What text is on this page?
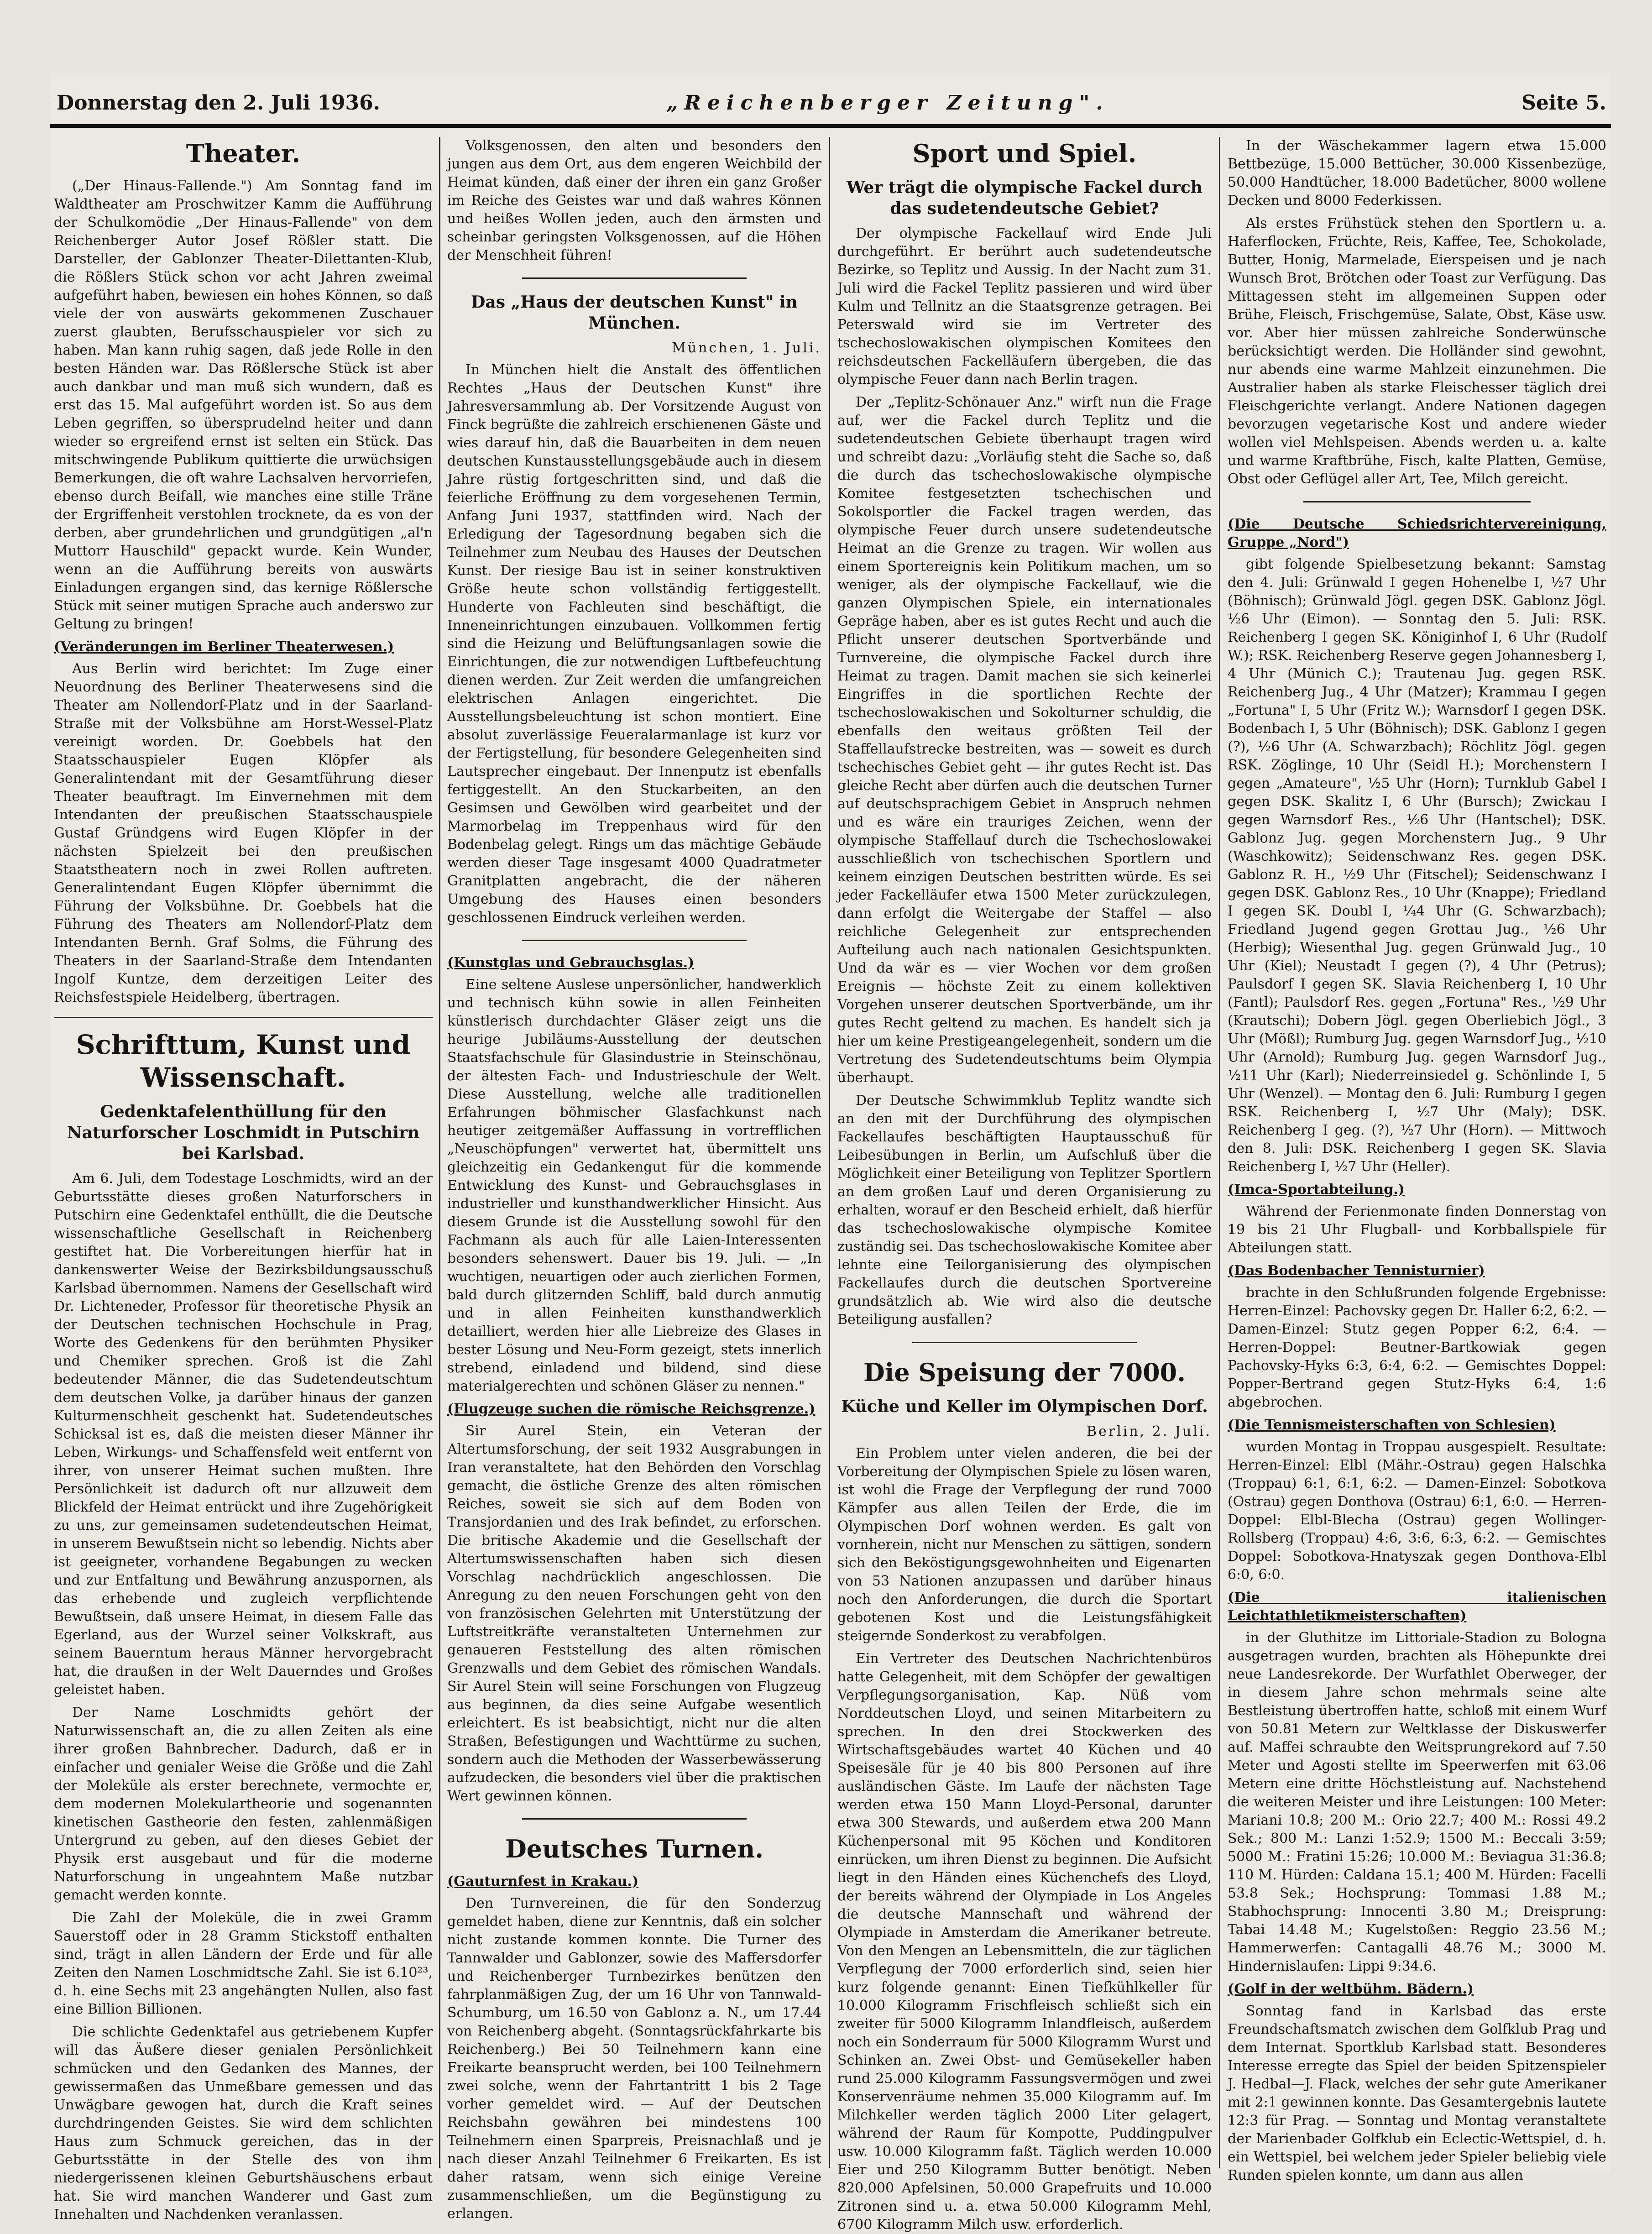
Donnerstag den 2. Juli 1936.	„Reichenberger Zeitung".	Seite 5.
Theater.

(„Der Hinaus-Fallende.") Am Sonntag fand im Waldtheater am Proschwitzer Kamm die Aufführung der Schulkomödie „Der Hinaus-Fallende" von dem Reichenberger Autor Josef Rößler statt. Die Darsteller, der Gablonzer Theater-Dilettanten-Klub, die Rößlers Stück schon vor acht Jahren zweimal aufgeführt haben, bewiesen ein hohes Können, so daß viele der von auswärts gekommenen Zuschauer zuerst glaubten, Berufsschauspieler vor sich zu haben. Man kann ruhig sagen, daß jede Rolle in den besten Händen war. Das Rößlersche Stück ist aber auch dankbar und man muß sich wundern, daß es erst das 15. Mal aufgeführt worden ist. So aus dem Leben gegriffen, so übersprudelnd heiter und dann wieder so ergreifend ernst ist selten ein Stück. Das mitschwingende Publikum quittierte die urwüchsigen Bemerkungen, die oft wahre Lachsalven hervorriefen, ebenso durch Beifall, wie manches eine stille Träne der Ergriffenheit verstohlen trocknete, da es von der derben, aber grundehrlichen und grundgütigen „al'n Muttorr Hauschild" gepackt wurde. Kein Wunder, wenn an die Aufführung bereits von auswärts Einladungen ergangen sind, das kernige Rößlersche Stück mit seiner mutigen Sprache auch anderswo zur Geltung zu bringen!

(Veränderungen im Berliner Theaterwesen.)

Aus Berlin wird berichtet: Im Zuge einer Neuordnung des Berliner Theaterwesens sind die Theater am Nollendorf-Platz und in der Saarland-Straße mit der Volksbühne am Horst-Wessel-Platz vereinigt worden. Dr. Goebbels hat den Staatsschauspieler Eugen Klöpfer als Generalintendant mit der Gesamtführung dieser Theater beauftragt. Im Einvernehmen mit dem Intendanten der preußischen Staatsschauspiele Gustaf Gründgens wird Eugen Klöpfer in der nächsten Spielzeit bei den preußischen Staatstheatern noch in zwei Rollen auftreten. Generalintendant Eugen Klöpfer übernimmt die Führung der Volksbühne. Dr. Goebbels hat die Führung des Theaters am Nollendorf-Platz dem Intendanten Bernh. Graf Solms, die Führung des Theaters in der Saarland-Straße dem Intendanten Ingolf Kuntze, dem derzeitigen Leiter des Reichsfestspiele Heidelberg, übertragen.

Schrifttum, Kunst und Wissenschaft.
Gedenktafelenthüllung für den Naturforscher Loschmidt in Putschirn bei Karlsbad.

Am 6. Juli, dem Todestage Loschmidts, wird an der Geburtsstätte dieses großen Naturforschers in Putschirn eine Gedenktafel enthüllt, die die Deutsche wissenschaftliche Gesellschaft in Reichenberg gestiftet hat. Die Vorbereitungen hierfür hat in dankenswerter Weise der Bezirksbildungsausschuß Karlsbad übernommen. Namens der Gesellschaft wird Dr. Lichteneder, Professor für theoretische Physik an der Deutschen technischen Hochschule in Prag, Worte des Gedenkens für den berühmten Physiker und Chemiker sprechen. Groß ist die Zahl bedeutender Männer, die das Sudetendeutschtum dem deutschen Volke, ja darüber hinaus der ganzen Kulturmenschheit geschenkt hat. Sudetendeutsches Schicksal ist es, daß die meisten dieser Männer ihr Leben, Wirkungs- und Schaffensfeld weit entfernt von ihrer, von unserer Heimat suchen mußten. Ihre Persönlichkeit ist dadurch oft nur allzuweit dem Blickfeld der Heimat entrückt und ihre Zugehörigkeit zu uns, zur gemeinsamen sudetendeutschen Heimat, in unserem Bewußtsein nicht so lebendig. Nichts aber ist geeigneter, vorhandene Begabungen zu wecken und zur Entfaltung und Bewährung anzuspornen, als das erhebende und zugleich verpflichtende Bewußtsein, daß unsere Heimat, in diesem Falle das Egerland, aus der Wurzel seiner Volkskraft, aus seinem Bauerntum heraus Männer hervorgebracht hat, die draußen in der Welt Dauerndes und Großes geleistet haben.

Der Name Loschmidts gehört der Naturwissenschaft an, die zu allen Zeiten als eine ihrer großen Bahnbrecher. Dadurch, daß er in einfacher und genialer Weise die Größe und die Zahl der Moleküle als erster berechnete, vermochte er, dem modernen Molekulartheorie und sogenannten kinetischen Gastheorie den festen, zahlenmäßigen Untergrund zu geben, auf den dieses Gebiet der Physik erst ausgebaut und für die moderne Naturforschung in ungeahntem Maße nutzbar gemacht werden konnte.

Die Zahl der Moleküle, die in zwei Gramm Sauerstoff oder in 28 Gramm Stickstoff enthalten sind, trägt in allen Ländern der Erde und für alle Zeiten den Namen Loschmidtsche Zahl. Sie ist 6.10²³, d. h. eine Sechs mit 23 angehängten Nullen, also fast eine Billion Billionen.

Die schlichte Gedenktafel aus getriebenem Kupfer will das Äußere dieser genialen Persönlichkeit schmücken und den Gedanken des Mannes, der gewissermaßen das Unmeßbare gemessen und das Unwägbare gewogen hat, durch die Kraft seines durchdringenden Geistes. Sie wird dem schlichten Haus zum Schmuck gereichen, das in der Geburtsstätte in der Stelle des von ihm niedergerissenen kleinen Geburtshäuschens erbaut hat. Sie wird manchen Wanderer und Gast zum Innehalten und Nachdenken veranlassen.

Volksgenossen, den alten und besonders den jungen aus dem Ort, aus dem engeren Weichbild der Heimat künden, daß einer der ihren ein ganz Großer im Reiche des Geistes war und daß wahres Können und heißes Wollen jeden, auch den ärmsten und scheinbar geringsten Volksgenossen, auf die Höhen der Menschheit führen!

Das „Haus der deutschen Kunst" in München.
München, 1. Juli.

In München hielt die Anstalt des öffentlichen Rechtes „Haus der Deutschen Kunst" ihre Jahresversammlung ab. Der Vorsitzende August von Finck begrüßte die zahlreich erschienenen Gäste und wies darauf hin, daß die Bauarbeiten in dem neuen deutschen Kunstausstellungsgebäude auch in diesem Jahre rüstig fortgeschritten sind, und daß die feierliche Eröffnung zu dem vorgesehenen Termin, Anfang Juni 1937, stattfinden wird. Nach der Erledigung der Tagesordnung begaben sich die Teilnehmer zum Neubau des Hauses der Deutschen Kunst. Der riesige Bau ist in seiner konstruktiven Größe heute schon vollständig fertiggestellt. Hunderte von Fachleuten sind beschäftigt, die Inneneinrichtungen einzubauen. Vollkommen fertig sind die Heizung und Belüftungsanlagen sowie die Einrichtungen, die zur notwendigen Luftbefeuchtung dienen werden. Zur Zeit werden die umfangreichen elektrischen Anlagen eingerichtet. Die Ausstellungsbeleuchtung ist schon montiert. Eine absolut zuverlässige Feueralarmanlage ist kurz vor der Fertigstellung, für besondere Gelegenheiten sind Lautsprecher eingebaut. Der Innenputz ist ebenfalls fertiggestellt. An den Stuckarbeiten, an den Gesimsen und Gewölben wird gearbeitet und der Marmorbelag im Treppenhaus wird für den Bodenbelag gelegt. Rings um das mächtige Gebäude werden dieser Tage insgesamt 4000 Quadratmeter Granitplatten angebracht, die der näheren Umgebung des Hauses einen besonders geschlossenen Eindruck verleihen werden.

(Kunstglas und Gebrauchsglas.)

Eine seltene Auslese unpersönlicher, handwerklich und technisch kühn sowie in allen Feinheiten künstlerisch durchdachter Gläser zeigt uns die heurige Jubiläums-Ausstellung der deutschen Staatsfachschule für Glasindustrie in Steinschönau, der ältesten Fach- und Industrieschule der Welt. Diese Ausstellung, welche alle traditionellen Erfahrungen böhmischer Glasfachkunst nach heutiger zeitgemäßer Auffassung in vortrefflichen „Neuschöpfungen" verwertet hat, übermittelt uns gleichzeitig ein Gedankengut für die kommende Entwicklung des Kunst- und Gebrauchsglases in industrieller und kunsthandwerklicher Hinsicht. Aus diesem Grunde ist die Ausstellung sowohl für den Fachmann als auch für alle Laien-Interessenten besonders sehenswert. Dauer bis 19. Juli. — „In wuchtigen, neuartigen oder auch zierlichen Formen, bald durch glitzernden Schliff, bald durch anmutig und in allen Feinheiten kunsthandwerklich detailliert, werden hier alle Liebreize des Glases in bester Lösung und Neu-Form gezeigt, stets innerlich strebend, einladend und bildend, sind diese materialgerechten und schönen Gläser zu nennen."

(Flugzeuge suchen die römische Reichsgrenze.)

Sir Aurel Stein, ein Veteran der Altertumsforschung, der seit 1932 Ausgrabungen in Iran veranstaltete, hat den Behörden den Vorschlag gemacht, die östliche Grenze des alten römischen Reiches, soweit sie sich auf dem Boden von Transjordanien und des Irak befindet, zu erforschen. Die britische Akademie und die Gesellschaft der Altertumswissenschaften haben sich diesen Vorschlag nachdrücklich angeschlossen. Die Anregung zu den neuen Forschungen geht von den von französischen Gelehrten mit Unterstützung der Luftstreitkräfte veranstalteten Unternehmen zur genaueren Feststellung des alten römischen Grenzwalls und dem Gebiet des römischen Wandals. Sir Aurel Stein will seine Forschungen von Flugzeug aus beginnen, da dies seine Aufgabe wesentlich erleichtert. Es ist beabsichtigt, nicht nur die alten Straßen, Befestigungen und Wachttürme zu suchen, sondern auch die Methoden der Wasserbewässerung aufzudecken, die besonders viel über die praktischen Wert gewinnen können.

Deutsches Turnen.
(Gauturnfest in Krakau.)

Den Turnvereinen, die für den Sonderzug gemeldet haben, diene zur Kenntnis, daß ein solcher nicht zustande kommen konnte. Die Turner des Tannwalder und Gablonzer, sowie des Maffersdorfer und Reichenberger Turnbezirkes benützen den fahrplanmäßigen Zug, der um 16 Uhr von Tannwald-Schumburg, um 16.50 von Gablonz a. N., um 17.44 von Reichenberg abgeht. (Sonntagsrückfahrkarte bis Reichenberg.) Bei 50 Teilnehmern kann eine Freikarte beansprucht werden, bei 100 Teilnehmern zwei solche, wenn der Fahrtantritt 1 bis 2 Tage vorher gemeldet wird. — Auf der Deutschen Reichsbahn gewähren bei mindestens 100 Teilnehmern einen Sparpreis, Preisnachlaß und je nach dieser Anzahl Teilnehmer 6 Freikarten. Es ist daher ratsam, wenn sich einige Vereine zusammenschließen, um die Begünstigung zu erlangen.

Sport und Spiel.
Wer trägt die olympische Fackel durch das sudetendeutsche Gebiet?

Der olympische Fackellauf wird Ende Juli durchgeführt. Er berührt auch sudetendeutsche Bezirke, so Teplitz und Aussig. In der Nacht zum 31. Juli wird die Fackel Teplitz passieren und wird über Kulm und Tellnitz an die Staatsgrenze getragen. Bei Peterswald wird sie im Vertreter des tschechoslowakischen olympischen Komitees den reichsdeutschen Fackelläufern übergeben, die das olympische Feuer dann nach Berlin tragen.

Der „Teplitz-Schönauer Anz." wirft nun die Frage auf, wer die Fackel durch Teplitz und die sudetendeutschen Gebiete überhaupt tragen wird und schreibt dazu: „Vorläufig steht die Sache so, daß die durch das tschechoslowakische olympische Komitee festgesetzten tschechischen und Sokolsportler die Fackel tragen werden, das olympische Feuer durch unsere sudetendeutsche Heimat an die Grenze zu tragen. Wir wollen aus einem Sportereignis kein Politikum machen, um so weniger, als der olympische Fackellauf, wie die ganzen Olympischen Spiele, ein internationales Gepräge haben, aber es ist gutes Recht und auch die Pflicht unserer deutschen Sportverbände und Turnvereine, die olympische Fackel durch ihre Heimat zu tragen. Damit machen sie sich keinerlei Eingriffes in die sportlichen Rechte der tschechoslowakischen und Sokolturner schuldig, die ebenfalls den weitaus größten Teil der Staffellaufstrecke bestreiten, was — soweit es durch tschechisches Gebiet geht — ihr gutes Recht ist. Das gleiche Recht aber dürfen auch die deutschen Turner auf deutschsprachigem Gebiet in Anspruch nehmen und es wäre ein trauriges Zeichen, wenn der olympische Staffellauf durch die Tschechoslowakei ausschließlich von tschechischen Sportlern und keinem einzigen Deutschen bestritten würde. Es sei jeder Fackelläufer etwa 1500 Meter zurückzulegen, dann erfolgt die Weitergabe der Staffel — also reichliche Gelegenheit zur entsprechenden Aufteilung auch nach nationalen Gesichtspunkten. Und da wär es — vier Wochen vor dem großen Ereignis — höchste Zeit zu einem kollektiven Vorgehen unserer deutschen Sportverbände, um ihr gutes Recht geltend zu machen. Es handelt sich ja hier um keine Prestigeangelegenheit, sondern um die Vertretung des Sudetendeutschtums beim Olympia überhaupt.

Der Deutsche Schwimmklub Teplitz wandte sich an den mit der Durchführung des olympischen Fackellaufes beschäftigten Hauptausschuß für Leibesübungen in Berlin, um Aufschluß über die Möglichkeit einer Beteiligung von Teplitzer Sportlern an dem großen Lauf und deren Organisierung zu erhalten, worauf er den Bescheid erhielt, daß hierfür das tschechoslowakische olympische Komitee zuständig sei. Das tschechoslowakische Komitee aber lehnte eine Teilorganisierung des olympischen Fackellaufes durch die deutschen Sportvereine grundsätzlich ab. Wie wird also die deutsche Beteiligung ausfallen?

Die Speisung der 7000.
Küche und Keller im Olympischen Dorf.
Berlin, 2. Juli.

Ein Problem unter vielen anderen, die bei der Vorbereitung der Olympischen Spiele zu lösen waren, ist wohl die Frage der Verpflegung der rund 7000 Kämpfer aus allen Teilen der Erde, die im Olympischen Dorf wohnen werden. Es galt von vornherein, nicht nur Menschen zu sättigen, sondern sich den Beköstigungsgewohnheiten und Eigenarten von 53 Nationen anzupassen und darüber hinaus noch den Anforderungen, die durch die Sportart gebotenen Kost und die Leistungsfähigkeit steigernde Sonderkost zu verabfolgen.

Ein Vertreter des Deutschen Nachrichtenbüros hatte Gelegenheit, mit dem Schöpfer der gewaltigen Verpflegungsorganisation, Kap. Nüß vom Norddeutschen Lloyd, und seinen Mitarbeitern zu sprechen. In den drei Stockwerken des Wirtschaftsgebäudes wartet 40 Küchen und 40 Speisesäle für je 40 bis 800 Personen auf ihre ausländischen Gäste. Im Laufe der nächsten Tage werden etwa 150 Mann Lloyd-Personal, darunter etwa 300 Stewards, und außerdem etwa 200 Mann Küchenpersonal mit 95 Köchen und Konditoren einrücken, um ihren Dienst zu beginnen. Die Aufsicht liegt in den Händen eines Küchenchefs des Lloyd, der bereits während der Olympiade in Los Angeles die deutsche Mannschaft und während der Olympiade in Amsterdam die Amerikaner betreute. Von den Mengen an Lebensmitteln, die zur täglichen Verpflegung der 7000 erforderlich sind, seien hier kurz folgende genannt: Einen Tiefkühlkeller für 10.000 Kilogramm Frischfleisch schließt sich ein zweiter für 5000 Kilogramm Inlandfleisch, außerdem noch ein Sonderraum für 5000 Kilogramm Wurst und Schinken an. Zwei Obst- und Gemüsekeller haben rund 25.000 Kilogramm Fassungsvermögen und zwei Konservenräume nehmen 35.000 Kilogramm auf. Im Milchkeller werden täglich 2000 Liter gelagert, während der Raum für Kompotte, Puddingpulver usw. 10.000 Kilogramm faßt. Täglich werden 10.000 Eier und 250 Kilogramm Butter benötigt. Neben 820.000 Apfelsinen, 50.000 Grapefruits und 10.000 Zitronen sind u. a. etwa 50.000 Kilogramm Mehl, 6700 Kilogramm Milch usw. erforderlich.

In der Wäschekammer lagern etwa 15.000 Bettbezüge, 15.000 Bettücher, 30.000 Kissenbezüge, 50.000 Handtücher, 18.000 Badetücher, 8000 wollene Decken und 8000 Federkissen.

Als erstes Frühstück stehen den Sportlern u. a. Haferflocken, Früchte, Reis, Kaffee, Tee, Schokolade, Butter, Honig, Marmelade, Eierspeisen und je nach Wunsch Brot, Brötchen oder Toast zur Verfügung. Das Mittagessen steht im allgemeinen Suppen oder Brühe, Fleisch, Frischgemüse, Salate, Obst, Käse usw. vor. Aber hier müssen zahlreiche Sonderwünsche berücksichtigt werden. Die Holländer sind gewohnt, nur abends eine warme Mahlzeit einzunehmen. Die Australier haben als starke Fleischesser täglich drei Fleischgerichte verlangt. Andere Nationen dagegen bevorzugen vegetarische Kost und andere wieder wollen viel Mehlspeisen. Abends werden u. a. kalte und warme Kraftbrühe, Fisch, kalte Platten, Gemüse, Obst oder Geflügel aller Art, Tee, Milch gereicht.

(Die Deutsche Schiedsrichtervereinigung, Gruppe „Nord")

gibt folgende Spielbesetzung bekannt: Samstag den 4. Juli: Grünwald I gegen Hohenelbe I, ½7 Uhr (Böhnisch); Grünwald Jögl. gegen DSK. Gablonz Jögl. ½6 Uhr (Eimon). — Sonntag den 5. Juli: RSK. Reichenberg I gegen SK. Königinhof I, 6 Uhr (Rudolf W.); RSK. Reichenberg Reserve gegen Johannesberg I, 4 Uhr (Münich C.); Trautenau Jug. gegen RSK. Reichenberg Jug., 4 Uhr (Matzer); Krammau I gegen „Fortuna" I, 5 Uhr (Fritz W.); Warnsdorf I gegen DSK. Bodenbach I, 5 Uhr (Böhnisch); DSK. Gablonz I gegen (?), ½6 Uhr (A. Schwarzbach); Röchlitz Jögl. gegen RSK. Zöglinge, 10 Uhr (Seidl H.); Morchenstern I gegen „Amateure", ½5 Uhr (Horn); Turnklub Gabel I gegen DSK. Skalitz I, 6 Uhr (Bursch); Zwickau I gegen Warnsdorf Res., ½6 Uhr (Hantschel); DSK. Gablonz Jug. gegen Morchenstern Jug., 9 Uhr (Waschkowitz); Seidenschwanz Res. gegen DSK. Gablonz R. H., ½9 Uhr (Fitschel); Seidenschwanz I gegen DSK. Gablonz Res., 10 Uhr (Knappe); Friedland I gegen SK. Doubl I, ¼4 Uhr (G. Schwarzbach); Friedland Jugend gegen Grottau Jug., ½6 Uhr (Herbig); Wiesenthal Jug. gegen Grünwald Jug., 10 Uhr (Kiel); Neustadt I gegen (?), 4 Uhr (Petrus); Paulsdorf I gegen SK. Slavia Reichenberg I, 10 Uhr (Fantl); Paulsdorf Res. gegen „Fortuna" Res., ½9 Uhr (Krautschi); Dobern Jögl. gegen Oberliebich Jögl., 3 Uhr (Mößl); Rumburg Jug. gegen Warnsdorf Jug., ½10 Uhr (Arnold); Rumburg Jug. gegen Warnsdorf Jug., ½11 Uhr (Karl); Niederreinsiedel g. Schönlinde I, 5 Uhr (Wenzel). — Montag den 6. Juli: Rumburg I gegen RSK. Reichenberg I, ½7 Uhr (Maly); DSK. Reichenberg I geg. (?), ½7 Uhr (Horn). — Mittwoch den 8. Juli: DSK. Reichenberg I gegen SK. Slavia Reichenberg I, ½7 Uhr (Heller).

(Imca-Sportabteilung.)

Während der Ferienmonate finden Donnerstag von 19 bis 21 Uhr Flugball- und Korbballspiele für Abteilungen statt.

(Das Bodenbacher Tennisturnier)

brachte in den Schlußrunden folgende Ergebnisse: Herren-Einzel: Pachovsky gegen Dr. Haller 6:2, 6:2. — Damen-Einzel: Stutz gegen Popper 6:2, 6:4. — Herren-Doppel: Beutner-Bartkowiak gegen Pachovsky-Hyks 6:3, 6:4, 6:2. — Gemischtes Doppel: Popper-Bertrand gegen Stutz-Hyks 6:4, 1:6 abgebrochen.

(Die Tennismeisterschaften von Schlesien)

wurden Montag in Troppau ausgespielt. Resultate: Herren-Einzel: Elbl (Mähr.-Ostrau) gegen Halschka (Troppau) 6:1, 6:1, 6:2. — Damen-Einzel: Sobotkova (Ostrau) gegen Donthova (Ostrau) 6:1, 6:0. — Herren-Doppel: Elbl-Blecha (Ostrau) gegen Wollinger-Rollsberg (Troppau) 4:6, 3:6, 6:3, 6:2. — Gemischtes Doppel: Sobotkova-Hnatyszak gegen Donthova-Elbl 6:0, 6:0.

(Die italienischen Leichtathletikmeisterschaften)

in der Gluthitze im Littoriale-Stadion zu Bologna ausgetragen wurden, brachten als Höhepunkte drei neue Landesrekorde. Der Wurfathlet Oberweger, der in diesem Jahre schon mehrmals seine alte Bestleistung übertroffen hatte, schloß mit einem Wurf von 50.81 Metern zur Weltklasse der Diskuswerfer auf. Maffei schraubte den Weitsprungrekord auf 7.50 Meter und Agosti stellte im Speerwerfen mit 63.06 Metern eine dritte Höchstleistung auf. Nachstehend die weiteren Meister und ihre Leistungen: 100 Meter: Mariani 10.8; 200 M.: Orio 22.7; 400 M.: Rossi 49.2 Sek.; 800 M.: Lanzi 1:52.9; 1500 M.: Beccali 3:59; 5000 M.: Fratini 15:26; 10.000 M.: Beviagua 31:36.8; 110 M. Hürden: Caldana 15.1; 400 M. Hürden: Facelli 53.8 Sek.; Hochsprung: Tommasi 1.88 M.; Stabhochsprung: Innocenti 3.80 M.; Dreisprung: Tabai 14.48 M.; Kugelstoßen: Reggio 23.56 M.; Hammerwerfen: Cantagalli 48.76 M.; 3000 M. Hindernislaufen: Lippi 9:34.6.

(Golf in der weltbühm. Bädern.)

Sonntag fand in Karlsbad das erste Freundschaftsmatch zwischen dem Golfklub Prag und dem Internat. Sportklub Karlsbad statt. Besonderes Interesse erregte das Spiel der beiden Spitzenspieler J. Hedbal—J. Flack, welches der sehr gute Amerikaner mit 2:1 gewinnen konnte. Das Gesamtergebnis lautete 12:3 für Prag. — Sonntag und Montag veranstaltete der Marienbader Golfklub ein Eclectic-Wettspiel, d. h. ein Wettspiel, bei welchem jeder Spieler beliebig viele Runden spielen konnte, um dann aus allen
